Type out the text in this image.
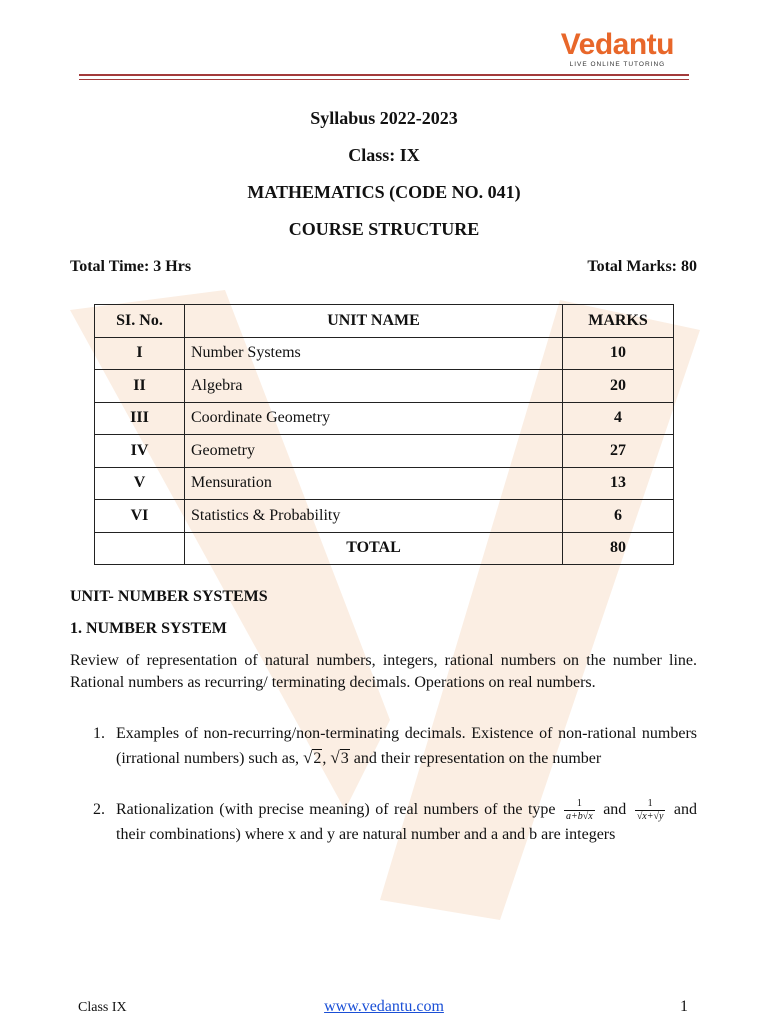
Vedantu
LIVE ONLINE TUTORING
Syllabus 2022-2023
Class: IX
MATHEMATICS (CODE NO. 041)
COURSE STRUCTURE
Total Time: 3 Hrs	Total Marks: 80
SI. No.	UNIT NAME	MARKS
I	Number Systems	10
II	Algebra	20
III	Coordinate Geometry	4
IV	Geometry	27
V	Mensuration	13
VI	Statistics & Probability	6
	TOTAL	80
UNIT- NUMBER SYSTEMS
1. NUMBER SYSTEM
Review of representation of natural numbers, integers, rational numbers on the number line. Rational numbers as recurring/ terminating decimals. Operations on real numbers.
1. Examples of non-recurring/non-terminating decimals. Existence of non-rational numbers (irrational numbers) such as, √2, √3 and their representation on the number
2. Rationalization (with precise meaning) of real numbers of the type $\frac{1}{a+b√x}$ and $\frac{1}{√x+√y}$ and their combinations) where x and y are natural number and a and b are integers
Class IX	www.vedantu.com	1
